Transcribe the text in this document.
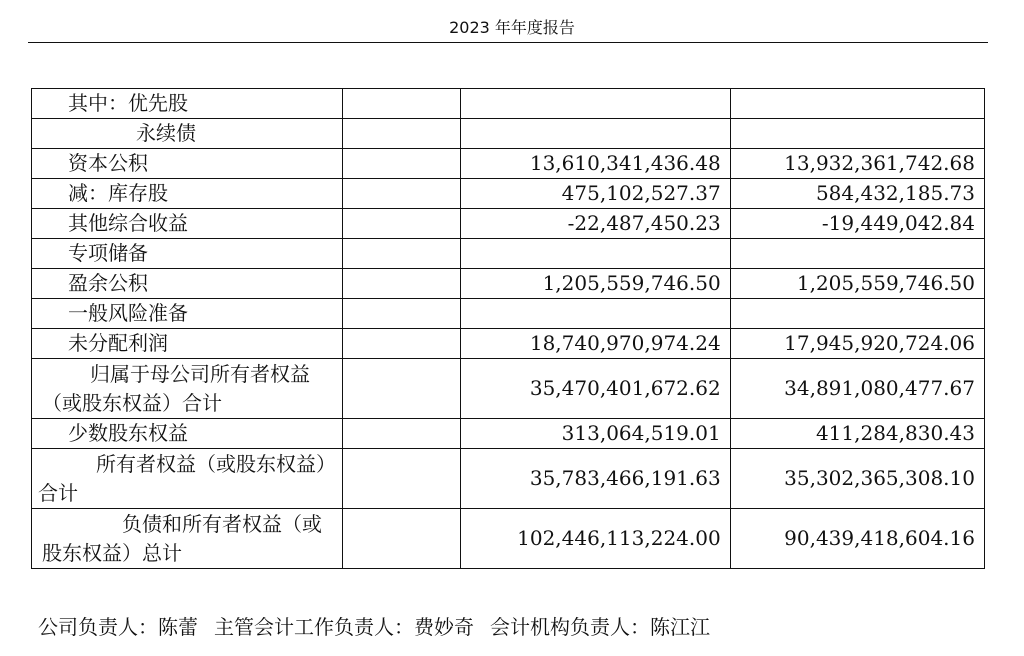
2023 年年度报告
其中：优先股			
永续债			
资本公积		13,610,341,436.48	13,932,361,742.68
减：库存股		475,102,527.37	584,432,185.73
其他综合收益		-22,487,450.23	-19,449,042.84
专项储备			
盈余公积		1,205,559,746.50	1,205,559,746.50
一般风险准备			
未分配利润		18,740,970,974.24	17,945,920,724.06
归属于母公司所有者权益（或股东权益）合计		35,470,401,672.62	34,891,080,477.67
少数股东权益		313,064,519.01	411,284,830.43
所有者权益（或股东权益）合计		35,783,466,191.63	35,302,365,308.10
负债和所有者权益（或股东权益）总计		102,446,113,224.00	90,439,418,604.16
公司负责人：陈蕾 主管会计工作负责人：费妙奇 会计机构负责人：陈江江
